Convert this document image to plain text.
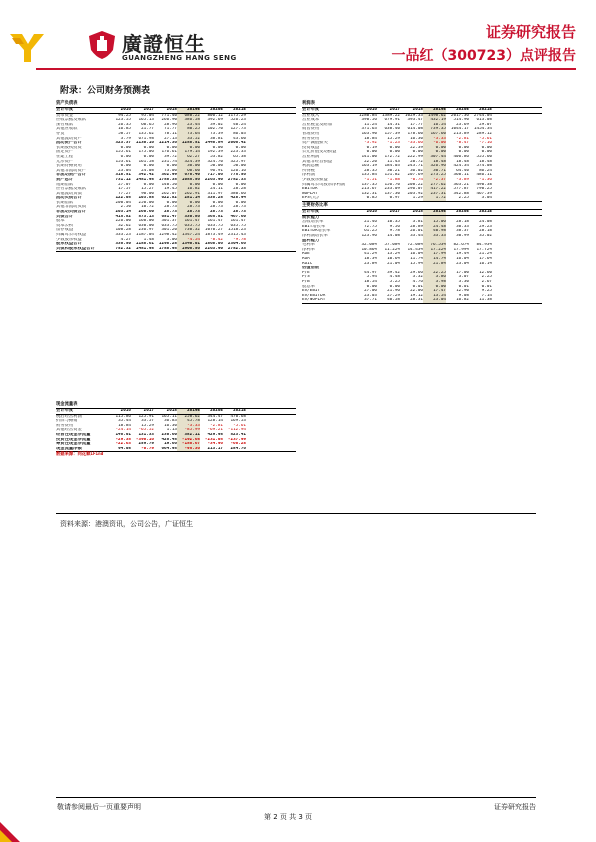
廣證恒生
GUANGZHENG HANG SENG
证券研究报告
一品红（300723）点评报告
附录：公司财务预测表
资产负债表
会计年度	2016	2017	2018	2019E	2020E	2021E
货币资金	94.25	95.04	771.40	680.22	806.12	1175.29
应收票据及账款	123.55	165.13	266.90	386.58	392.69	526.23
预付账款	26.35	60.65	28.96	23.44	39.02	40.24
其他应收款	16.85	21.77	71.77	80.25	102.70	127.73
存货	58.57	135.62	78.11	73.64	73.39	86.03
其他流动资产	3.79	671.98	27.13	33.52	38.81	43.60
流动资产合计	323.37	1130.16	1214.36	1288.51	1448.84	2006.42
长期股权投资	0.00	0.00	0.00	0.00	0.00	0.00
固定资产	155.61	175.06	176.61	179.14	192.39	223.33
在建工程	6.06	0.00	39.72	62.27	53.82	65.38
无形资产	153.61	161.58	231.74	324.39	324.70	325.97
长期待摊费用	0.00	0.00	0.00	30.00	50.00	50.00
其他非流动资产	23.04	24.08	73.00	60.60	96.91	126.16
非流动资产合计	318.51	342.42	362.99	676.40	717.06	775.56
资产总计	731.12	1481.98	1788.35	1085.56	2263.90	2782.33
短期借款	27.07	0.00	140.50	0.00	0.00	0.00
应付票据及账款	17.57	15.27	19.45	16.82	24.11	28.28
其他流动负债	77.27	90.00	262.07	262.91	311.97	380.66
流动负债合计	122.05	103.88	622.82	281.14	336.28	428.94
长期借款	200.04	250.00	0.00	0.00	0.00	0.00
其他非流动负债	2.50	10.72	28.73	28.73	28.73	28.73
非流动负债合计	203.14	260.60	28.73	28.73	28.73	28.73
负债合计	415.82	573.13	651.47	330.86	365.81	467.60
股本	226.00	160.00	301.37	161.47	161.47	161.47
资本公积	32.62	630.00	633.75	635.75	633.75	635.75
留存收益	108.28	236.97	301.20	730.32	1070.27	1518.23
归属母公司权益	333.23	1187.04	1298.42	1347.24	1873.49	2315.43
少数股东权益	4.27	1.48	3.06	-4.54	-8.42	-9.78
股东权益合计	336.50	1188.61	1298.28	1340.01	1868.06	2304.66
负债和股东权益合计	752.32	1481.98	1788.95	1906.56	2263.90	2782.33
现金流量表
会计年度	2016	2017	2018	2019E	2020E	2021E
税后经营利润	115.86	125.91	165.11	258.62	344.47	470.68
折旧与摊销	35.44	33.57	36.83	45.78	128.14	169.53
财务费用	18.84	15.29	16.30	-3.33	-2.81	-5.61
其他经营资金	-24.14	-65.52	1.13	-85.99	-69.21	-112.94
经营性现金净流量	146.01	131.33	230.60	382.11	429.98	523.41
投资性现金净流量	-29.35	-390.16	426.45	-192.68	-231.05	-237.99
筹资性现金净流量	-22.63	259.79	19.66	-186.67	-34.96	-66.28
现金流量净额	94.08	-0.79	664.95	-95.36	213.17	284.76
数据来源：同花顺iFind
利润表
会计年度	2016	2017	2018	2019E	2020E	2021E
营业收入	1280.84	1389.22	1029.33	1498.62	2017.36	2744.04
营业成本	390.56	679.91	393.47	432.19	514.90	613.08
营业税金及附加	11.24	14.31	17.77	16.54	23.69	29.07
销售费用	371.63	638.40	614.08	739.35	1044.17	1454.34
管理费用	163.90	157.39	178.60	167.60	213.89	289.12
财务费用	18.84	15.29	16.30	-3.33	-2.81	-5.61
资产减值损失	-3.92	-1.23	-33.66	-6.00	-8.47	-7.16
投资收益	0.19	0.00	22.39	0.00	0.00	0.00
公允价值变动损益	0.00	0.00	0.00	0.00	0.00	0.00
营业利润	141.00	172.72	222.99	307.44	406.86	555.60
其他非经营损益	22.20	11.43	20.72	18.48	18.48	18.48
利润总额	163.19	184.03	243.71	326.96	424.34	574.08
所得税	28.35	30.21	36.02	30.71	64.40	86.24
净利润	135.84	151.82	207.69	273.25	360.11	486.11
少数股东损益	-1.51	-1.88	-0.74	-2.37	-3.89	-1.36
归属母公司股东净利润	137.35	156.70	208.22	277.62	363.21	490.38
EBITDA	213.67	233.09	296.07	417.22	577.87	790.25
NOPLAT	132.31	137.30	203.92	237.31	342.88	467.39
EPS(元)	0.85	0.97	1.29	1.72	2.25	3.04
主要财务比率
会计年度	2016	2017	2018	2019E	2020E	2021E
成长能力
营收增长率	21.46	10.35	3.81	15.06	28.18	24.08
EBIT增长率	72.75	9.56	28.89	24.48	30.33	29.23
EBITDA增长率	61.25	9.78	26.01	40.98	38.37	28.18
净利润增长率	123.96	14.08	33.44	33.33	30.99	35.02
盈利能力
毛利率	32.08%	57.08%	72.08%	76.53%	82.67%	84.93%
净利率	10.86%	11.22%	14.43%	17.22%	17.99%	17.72%
ROE	41.2%	13.2%	16.0%	17.9%	19.4%	21.2%
ROA	18.3%	10.6%	11.7%	14.7%	16.0%	17.6%
ROIC	23.8%	21.0%	15.9%	21.8%	23.0%	16.1%
估值倍数
P/E	44.97	39.42	29.66	22.25	17.00	12.60
P/S	5.94	4.48	3.32	3.86	3.07	2.25
P/B	18.54	5.25	4.76	3.98	3.30	2.67
股息率	0.00	0.00	0.01	0.00	0.01	0.01
EV/EBIT	27.06	21.96	22.06	17.47	12.90	9.25
EV/EBITDA	23.03	27.29	19.12	13.54	9.08	7.14
EV/NOPLAT	37.71	40.58	28.31	23.04	16.82	11.38
资料来源：港澳资讯，公司公告，广证恒生
敬请参阅最后一页重要声明
第 2 页 共 3 页
证券研究报告
